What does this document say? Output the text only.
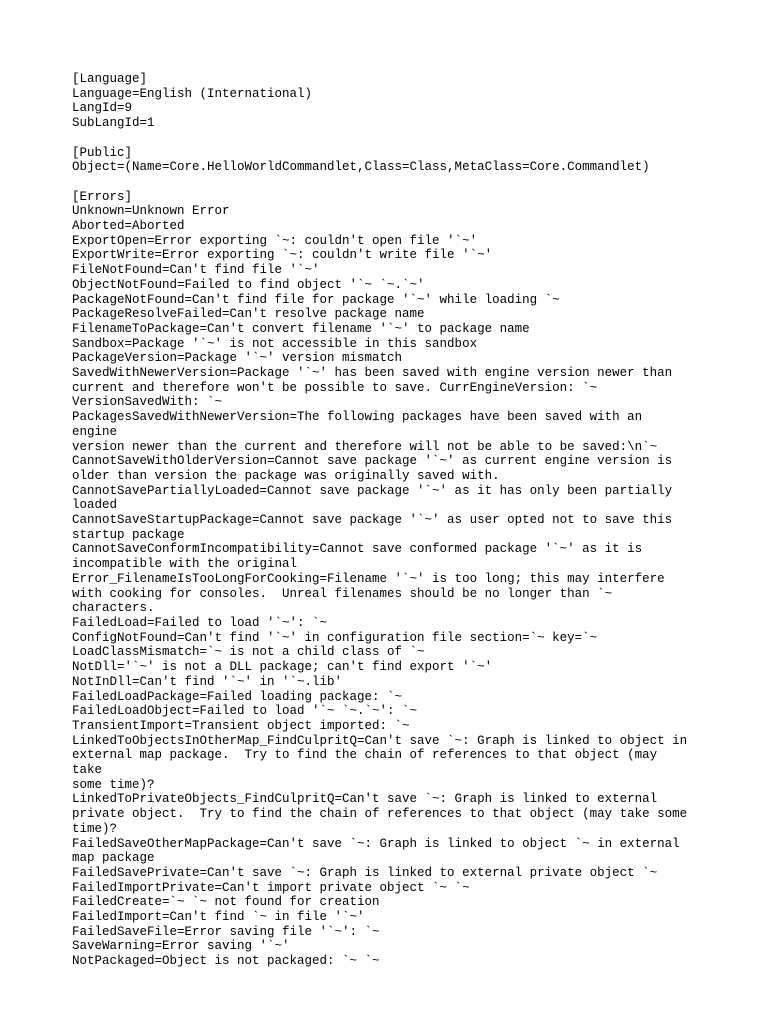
[Language]
Language=English (International)
LangId=9
SubLangId=1
[Public]
Object=(Name=Core.HelloWorldCommandlet,Class=Class,MetaClass=Core.Commandlet)
[Errors]
Unknown=Unknown Error
Aborted=Aborted
ExportOpen=Error exporting `~: couldn't open file '`~'
ExportWrite=Error exporting `~: couldn't write file '`~'
FileNotFound=Can't find file '`~'
ObjectNotFound=Failed to find object '`~ `~.`~'
PackageNotFound=Can't find file for package '`~' while loading `~
PackageResolveFailed=Can't resolve package name
FilenameToPackage=Can't convert filename '`~' to package name
Sandbox=Package '`~' is not accessible in this sandbox
PackageVersion=Package '`~' version mismatch
SavedWithNewerVersion=Package '`~' has been saved with engine version newer than
current and therefore won't be possible to save. CurrEngineVersion: `~
VersionSavedWith: `~
PackagesSavedWithNewerVersion=The following packages have been saved with an engine
version newer than the current and therefore will not be able to be saved:\n`~
CannotSaveWithOlderVersion=Cannot save package '`~' as current engine version is
older than version the package was originally saved with.
CannotSavePartiallyLoaded=Cannot save package '`~' as it has only been partially
loaded
CannotSaveStartupPackage=Cannot save package '`~' as user opted not to save this
startup package
CannotSaveConformIncompatibility=Cannot save conformed package '`~' as it is
incompatible with the original
Error_FilenameIsTooLongForCooking=Filename '`~' is too long; this may interfere
with cooking for consoles.  Unreal filenames should be no longer than `~
characters.
FailedLoad=Failed to load '`~': `~
ConfigNotFound=Can't find '`~' in configuration file section=`~ key=`~
LoadClassMismatch=`~ is not a child class of `~
NotDll='`~' is not a DLL package; can't find export '`~'
NotInDll=Can't find '`~' in '`~.lib'
FailedLoadPackage=Failed loading package: `~
FailedLoadObject=Failed to load '`~ `~.`~': `~
TransientImport=Transient object imported: `~
LinkedToObjectsInOtherMap_FindCulpritQ=Can't save `~: Graph is linked to object in
external map package.  Try to find the chain of references to that object (may take
some time)?
LinkedToPrivateObjects_FindCulpritQ=Can't save `~: Graph is linked to external
private object.  Try to find the chain of references to that object (may take some
time)?
FailedSaveOtherMapPackage=Can't save `~: Graph is linked to object `~ in external
map package
FailedSavePrivate=Can't save `~: Graph is linked to external private object `~
FailedImportPrivate=Can't import private object `~ `~
FailedCreate=`~ `~ not found for creation
FailedImport=Can't find `~ in file '`~'
FailedSaveFile=Error saving file '`~': `~
SaveWarning=Error saving '`~'
NotPackaged=Object is not packaged: `~ `~
